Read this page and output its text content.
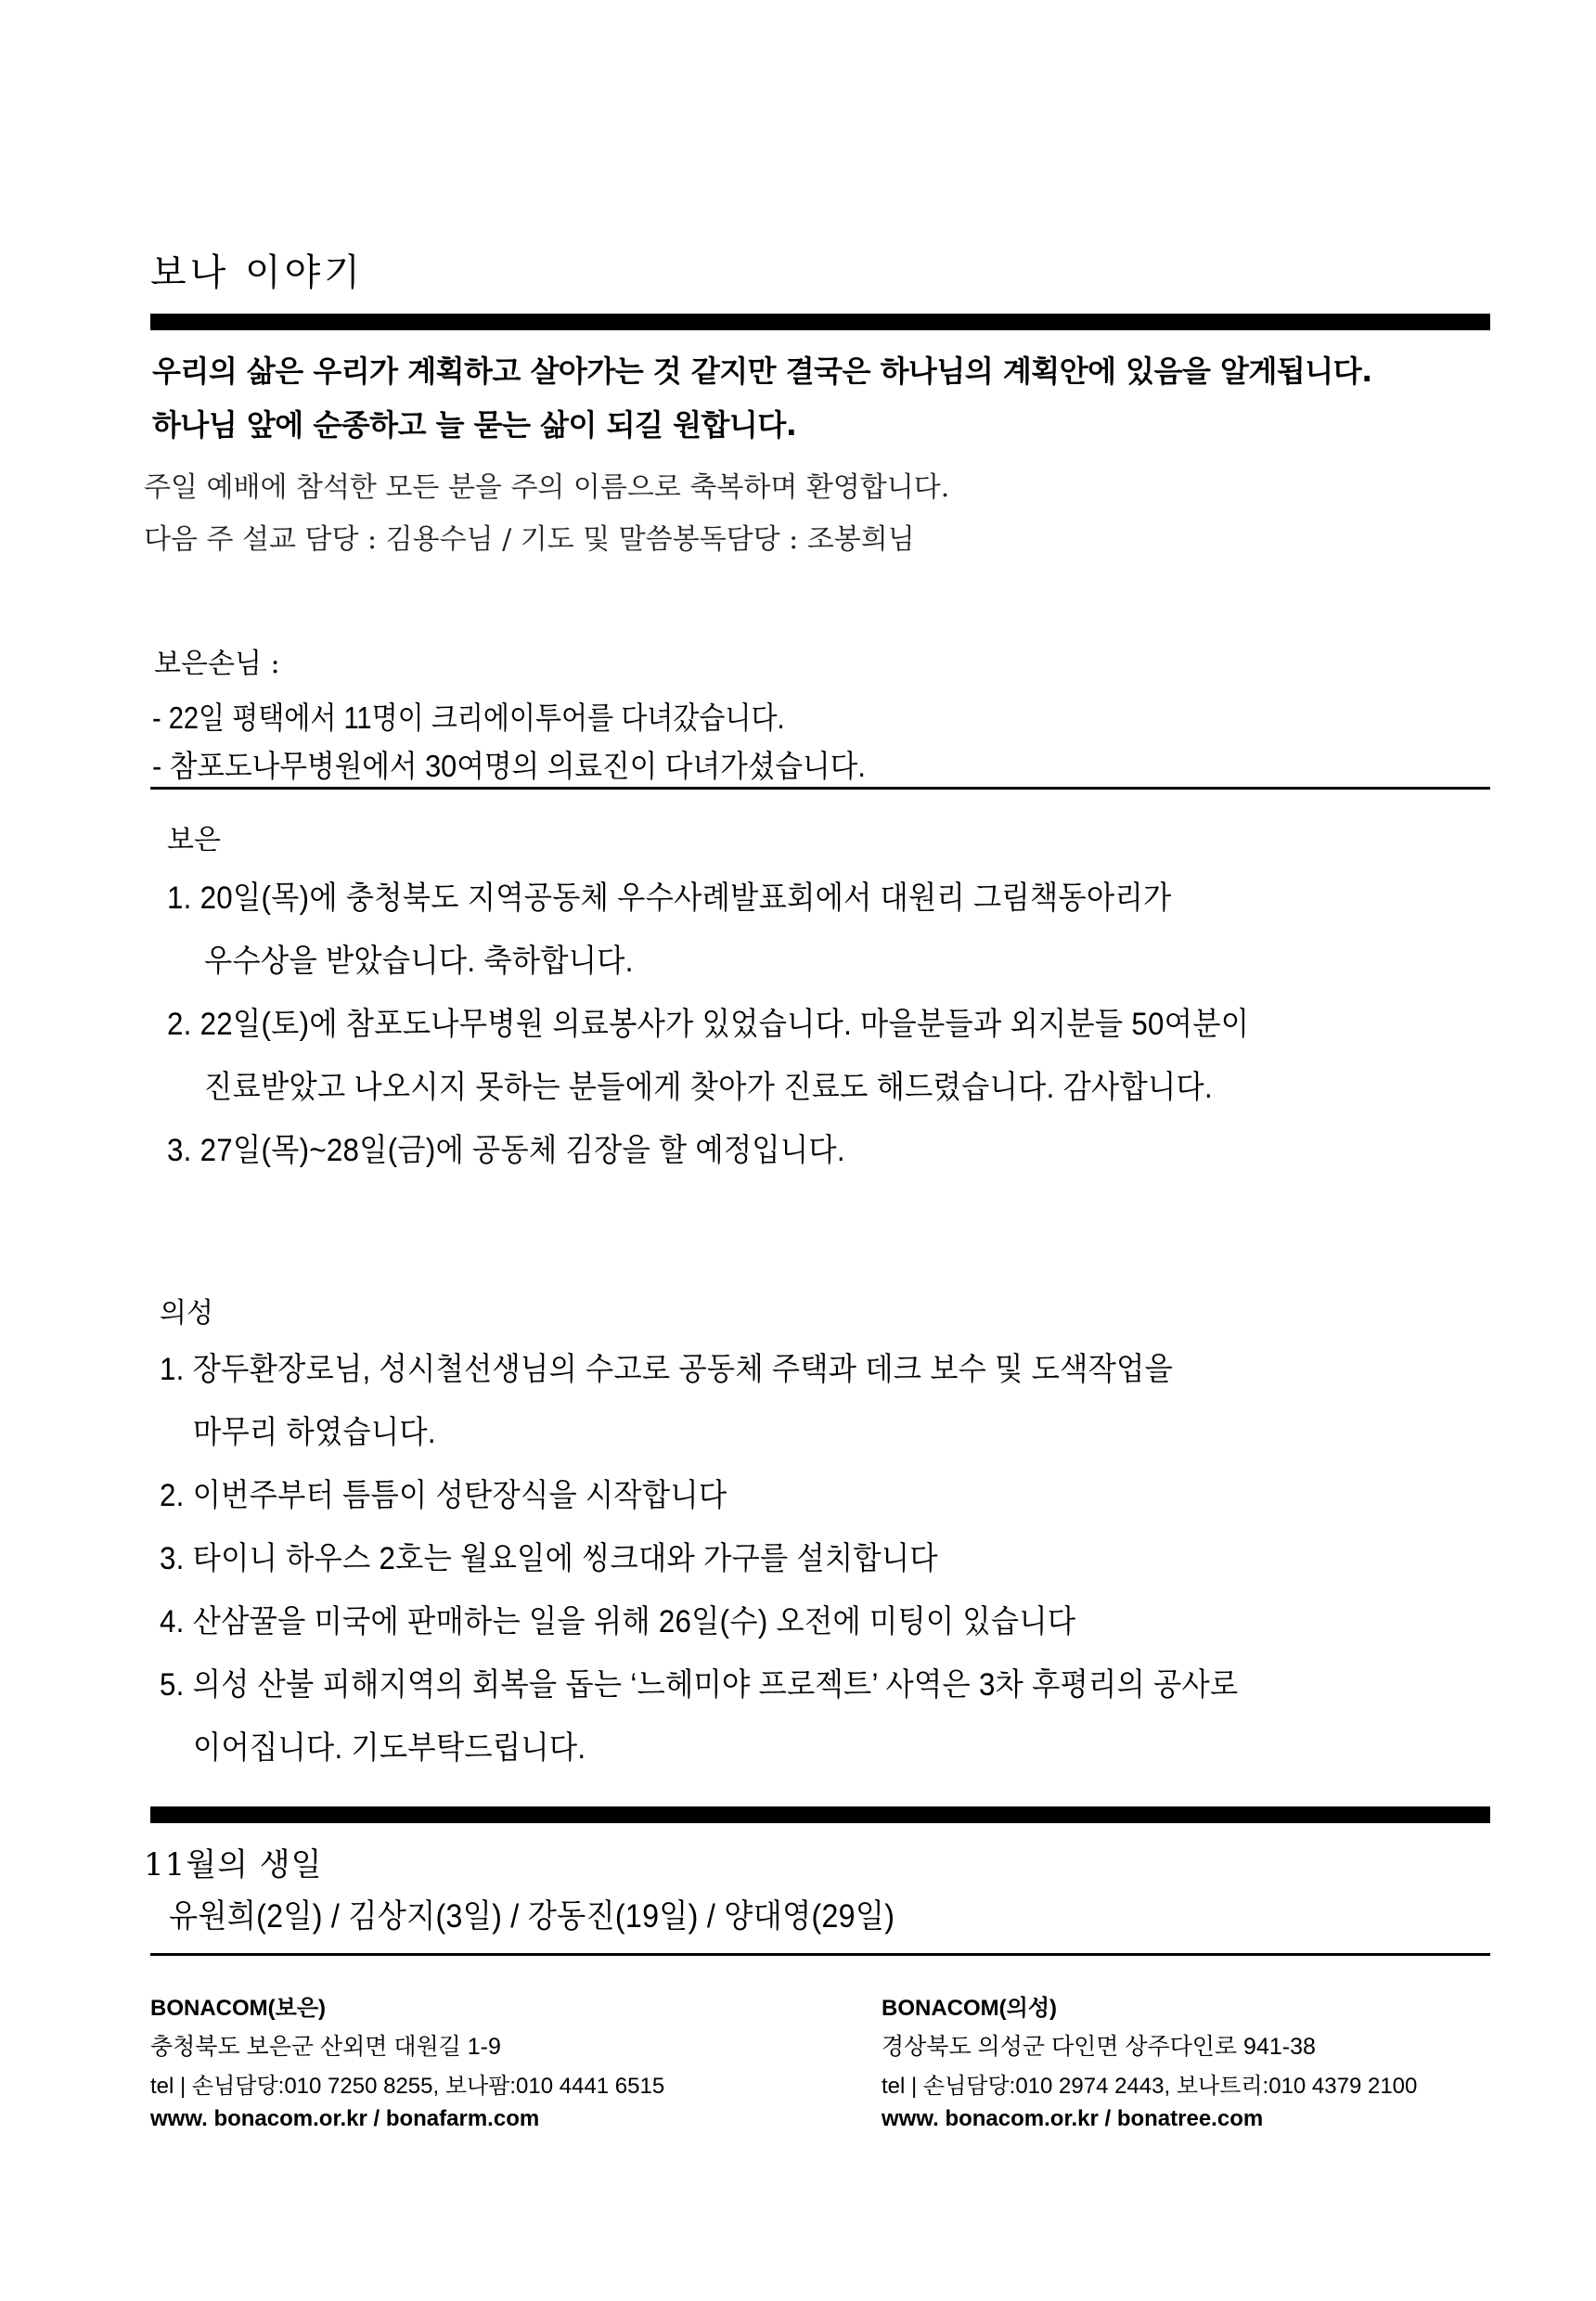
보나 이야기
우리의 삶은 우리가 계획하고 살아가는 것 같지만 결국은 하나님의 계획안에 있음을 알게됩니다.
하나님 앞에 순종하고 늘 묻는 삶이 되길 원합니다.
주일 예배에 참석한 모든 분을 주의 이름으로 축복하며 환영합니다.
다음 주 설교 담당 : 김용수님 / 기도 및 말씀봉독담당 : 조봉희님
보은손님 :
- 22일 평택에서 11명이 크리에이투어를 다녀갔습니다.
- 참포도나무병원에서 30여명의 의료진이 다녀가셨습니다.
보은
1. 20일(목)에 충청북도 지역공동체 우수사례발표회에서 대원리 그림책동아리가
우수상을 받았습니다. 축하합니다.
2. 22일(토)에 참포도나무병원 의료봉사가 있었습니다. 마을분들과 외지분들 50여분이
진료받았고 나오시지 못하는 분들에게 찾아가 진료도 해드렸습니다. 감사합니다.
3. 27일(목)~28일(금)에 공동체 김장을 할 예정입니다.
의성
1. 장두환장로님, 성시철선생님의 수고로 공동체 주택과 데크 보수 및 도색작업을
마무리 하였습니다.
2. 이번주부터 틈틈이 성탄장식을 시작합니다
3. 타이니 하우스 2호는 월요일에 씽크대와 가구를 설치합니다
4. 산삼꿀을 미국에 판매하는 일을 위해 26일(수) 오전에 미팅이 있습니다
5. 의성 산불 피해지역의 회복을 돕는 ‘느헤미야 프로젝트’ 사역은 3차 후평리의 공사로
이어집니다. 기도부탁드립니다.
11월의 생일
유원희(2일) / 김상지(3일) / 강동진(19일) / 양대영(29일)
BONACOM(보은)
충청북도 보은군 산외면 대원길 1-9
tel | 손님담당:010 7250 8255, 보나팜:010 4441 6515
www. bonacom.or.kr / bonafarm.com
BONACOM(의성)
경상북도 의성군 다인면 상주다인로 941-38
tel | 손님담당:010 2974 2443, 보나트리:010 4379 2100
www. bonacom.or.kr / bonatree.com
